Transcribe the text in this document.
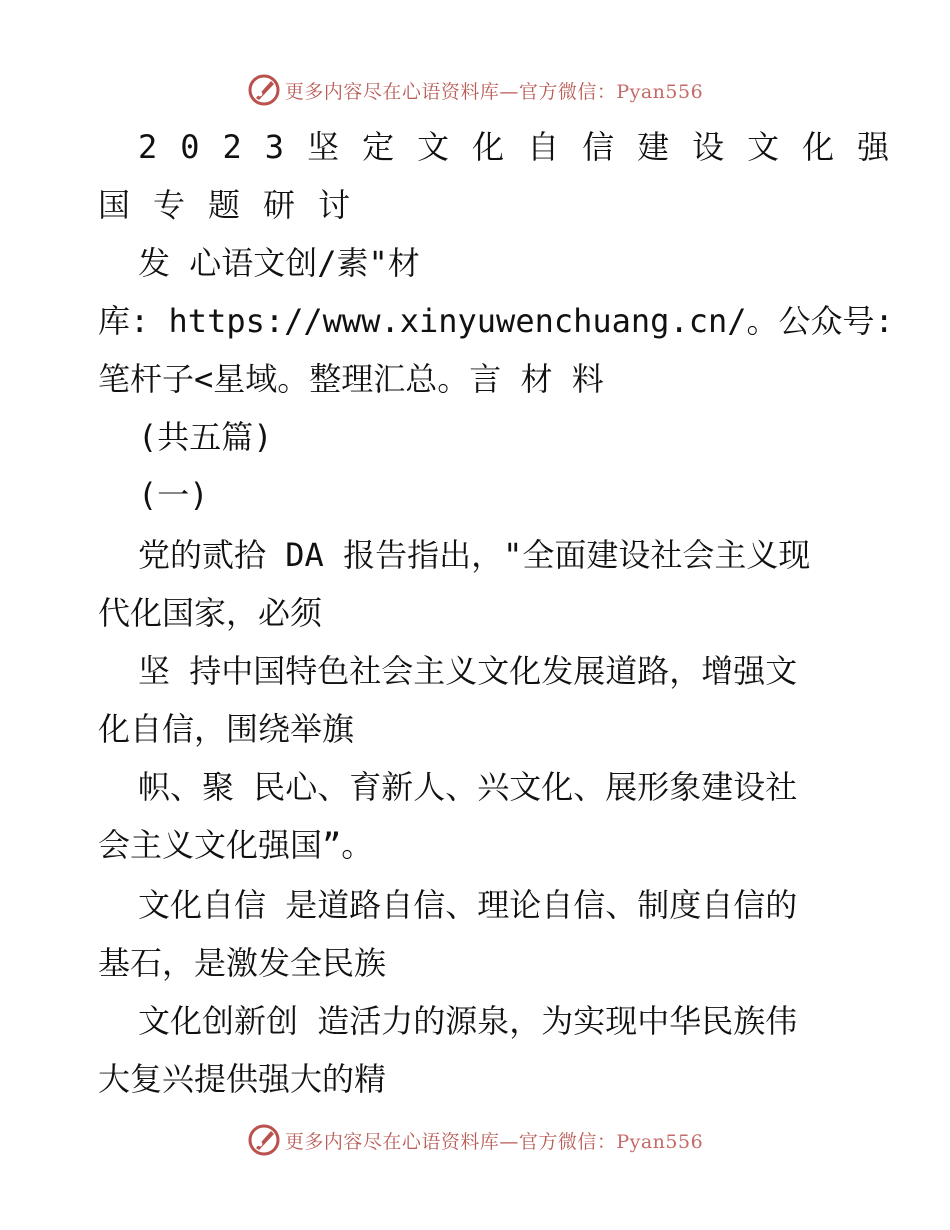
更多内容尽在心语资料库—官方微信：Pyan556
2023坚定文化自信建设文化强
国专题研讨
发 心语文创/素"材
库: https://www.xinyuwenchuang.cn/。公众号:
笔杆子<星域。整理汇总。言 材 料
(共五篇)
(一)
党的贰拾 DA 报告指出，"全面建设社会主义现
代化国家，必须
坚 持中国特色社会主义文化发展道路，增强文
化自信，围绕举旗
帜、聚 民心、育新人、兴文化、展形象建设社
会主义文化强国”。
文化自信 是道路自信、理论自信、制度自信的
基石，是激发全民族
文化创新创 造活力的源泉，为实现中华民族伟
大复兴提供强大的精
更多内容尽在心语资料库—官方微信：Pyan556
